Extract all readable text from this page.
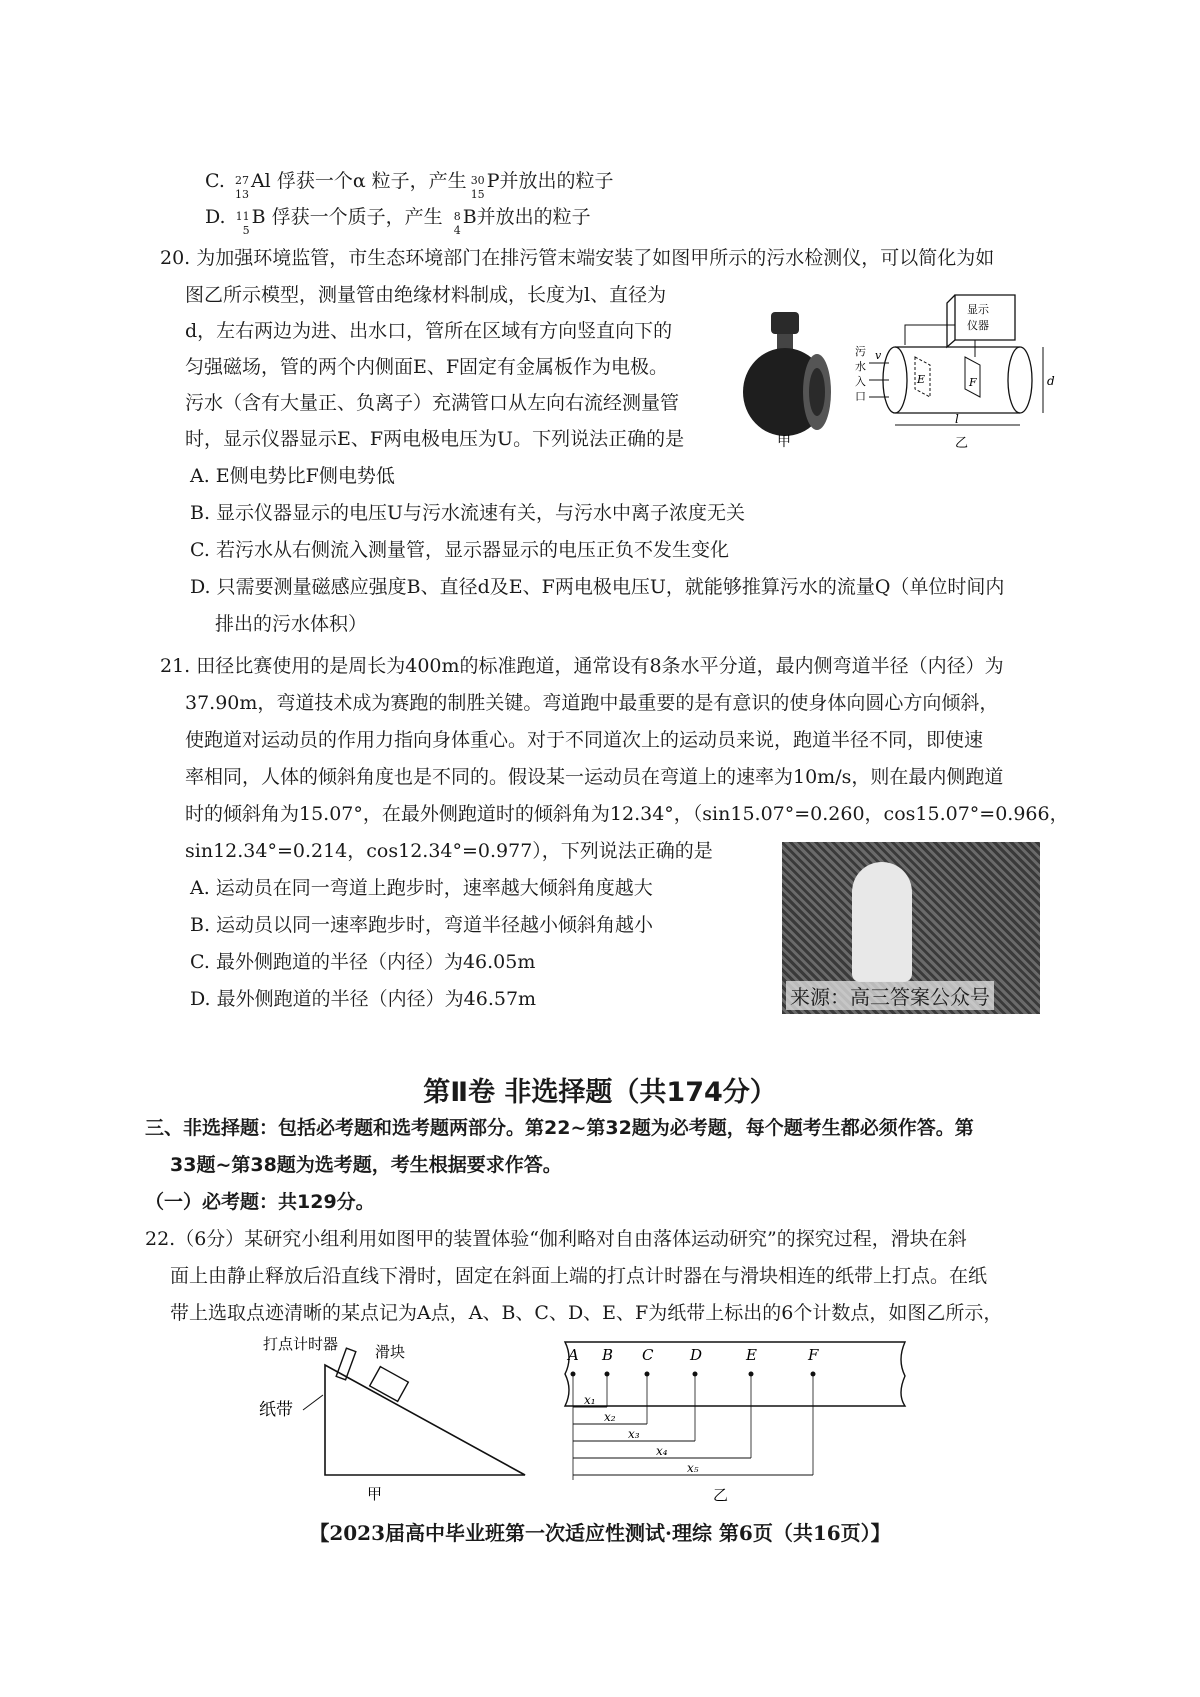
C. 27
13
Al 俘获一个α 粒子，产生 30
15
P并放出的粒子
D. 11
5
B 俘获一个质子，产生 8
4
B并放出的粒子
20. 为加强环境监管，市生态环境部门在排污管末端安装了如图甲所示的污水检测仪，可以简化为如
图乙所示模型，测量管由绝缘材料制成，长度为l、直径为
d，左右两边为进、出水口，管所在区域有方向竖直向下的
匀强磁场，管的两个内侧面E、F固定有金属板作为电极。
污水（含有大量正、负离子）充满管口从左向右流经测量管
时，显示仪器显示E、F两电极电压为U。下列说法正确的是
A. E侧电势比F侧电势低
B. 显示仪器显示的电压U与污水流速有关，与污水中离子浓度无关
C. 若污水从右侧流入测量管，显示器显示的电压正负不发生变化
D. 只需要测量磁感应强度B、直径d及E、F两电极电压U，就能够推算污水的流量Q（单位时间内
排出的污水体积）
甲
显示
仪器
E	F
污
水
入
口
v
d
l
乙
21. 田径比赛使用的是周长为400m的标准跑道，通常设有8条水平分道，最内侧弯道半径（内径）为
37.90m，弯道技术成为赛跑的制胜关键。弯道跑中最重要的是有意识的使身体向圆心方向倾斜，
使跑道对运动员的作用力指向身体重心。对于不同道次上的运动员来说，跑道半径不同，即使速
率相同，人体的倾斜角度也是不同的。假设某一运动员在弯道上的速率为10m/s，则在最内侧跑道
时的倾斜角为15.07°，在最外侧跑道时的倾斜角为12.34°，（sin15.07°=0.260，cos15.07°=0.966，
sin12.34°=0.214，cos12.34°=0.977），下列说法正确的是
A. 运动员在同一弯道上跑步时，速率越大倾斜角度越大
B. 运动员以同一速率跑步时，弯道半径越小倾斜角越小
C. 最外侧跑道的半径（内径）为46.05m
D. 最外侧跑道的半径（内径）为46.57m	来源：高三答案公众号
第Ⅱ卷 非选择题（共174分）
三、非选择题：包括必考题和选考题两部分。第22~第32题为必考题，每个题考生都必须作答。第
33题~第38题为选考题，考生根据要求作答。
（一）必考题：共129分。
22.（6分）某研究小组利用如图甲的装置体验“伽利略对自由落体运动研究”的探究过程，滑块在斜
面上由静止释放后沿直线下滑时，固定在斜面上端的打点计时器在与滑块相连的纸带上打点。在纸
带上选取点迹清晰的某点记为A点，A、B、C、D、E、F为纸带上标出的6个计数点，如图乙所示，
打点计时器 滑块
纸带
甲
A B C D	E	F
x₁
x₂
x₃
x₄
x₅
乙
【2023届高中毕业班第一次适应性测试·理综 第6页（共16页）】
